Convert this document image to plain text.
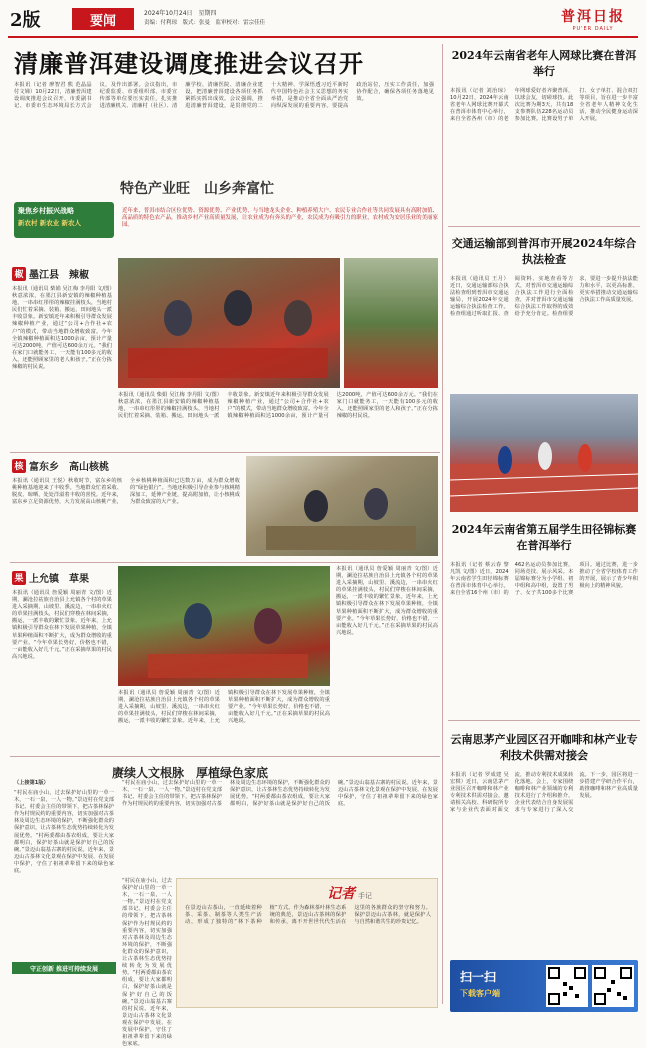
2版	要闻	2024年10月24日　星期四
责编：付利琼　版式：张曼　监审校对：雷宗佳佳	普洱日报
PU'ER DAILY
清廉普洱建设调度推进会议召开
本报讯（记者 廖智君 熊 范晶晶 付文娣）10月22日，清廉普洱建设调度推进会议召开，市委副书记、市委市生态环境局长方式会议，及作出部署。会议指出，市纪委监委、市委组织部、市委宣传部等单位要压实责任，扎实推进清廉机关、清廉村（社区）、清廉学校、清廉医院、清廉企业建设，把清廉普洱建设各项任务抓紧抓实抓出成效。会议强调，推进清廉普洱建设，是贯彻党的二十大精神、学深悟透习近平新时代中国特色社会主义思想的务实举措，是推动全省全面从严治党向纵深发展的重要内容。要提高政治站位，压实工作责任，加强协作配合，确保各项任务落地见效。
特色产业旺　山乡奔富忙
聚焦乡村振兴战略
新农村 新农业 新农人
近年来，普洱市结合区位优势、资源优势、产业优势，与当地龙头企业、种植养殖大户、农民专业合作社等共同发展具有高附加值、高品质的特色农产品，推动乡村产业高质量发展，让农业成为有奔头的产业，农民成为有吸引力的职业，农村成为安居乐业的美丽家园。
椒 墨江县　辣椒
本报讯（通讯员 柴娟 吴江梅 李丹阳 文/图）秋意浓浓，在墨江县新安镇的辣椒种植基地，一串串红彤彤的辣椒挂满枝头，当地村民们忙着采摘、装箱、搬运，田间地头一派丰收景象。新安镇近年来积极引导群众发展辣椒种植产业，通过“公司+合作社+农户”的模式，带动当地群众增收致富。今年全镇辣椒种植面积达1000余亩，预计产量可达2000吨，产值可达600余万元。“我们在家门口就能务工，一天能有100多元的收入，还能照顾家里的老人和孩子。”正在分拣辣椒的村民说。
本报讯（通讯员 柴娟 吴江梅 李丹阳 文/图）秋意浓浓，在墨江县新安镇的辣椒种植基地，一串串红彤彤的辣椒挂满枝头，当地村民们忙着采摘、装箱、搬运，田间地头一派丰收景象。新安镇近年来积极引导群众发展辣椒种植产业，通过“公司+合作社+农户”的模式，带动当地群众增收致富。今年全镇辣椒种植面积达1000余亩，预计产量可达2000吨，产值可达600余万元。“我们在家门口就能务工，一天能有100多元的收入，还能照顾家里的老人和孩子。”正在分拣辣椒的村民说。
核 富东乡　高山核桃
本报讯（通讯员 王悦）秋收时节，富东乡的核桃种植基地迎来了丰收季。当地群众忙着采收、脱皮、晾晒，处处洋溢着丰收的喜悦。近年来，富东乡立足资源优势，大力发展高山核桃产业，全乡核桃种植面积已达数万亩，成为群众增收的“绿色银行”。当地还积极引导企业参与核桃精深加工，延伸产业链，提高附加值，让小核桃成为群众致富的大产业。
果 上允镇　草果
本报讯（通讯员 詹爱颖 周丽青 文/图）近期，澜沧拉祜族自治县上允镇各个村的草果进入采摘期，山坡里、溪流边，一串串火红的草果挂满枝头，村民们穿梭在林间采摘，搬运，一派丰收的繁忙景象。近年来，上允镇积极引导群众在林下发展草果种植，全镇草果种植面积不断扩大，成为群众增收的重要产业。“今年草果长势好，价格也不错，一亩能收入好几千元。”正在采摘草果的村民高兴地说。
本报讯（通讯员 詹爱颖 周丽青 文/图）近期，澜沧拉祜族自治县上允镇各个村的草果进入采摘期，山坡里、溪流边，一串串火红的草果挂满枝头，村民们穿梭在林间采摘，搬运，一派丰收的繁忙景象。近年来，上允镇积极引导群众在林下发展草果种植，全镇草果种植面积不断扩大，成为群众增收的重要产业。“今年草果长势好，价格也不错，一亩能收入好几千元。”正在采摘草果的村民高兴地说。
本报讯（通讯员 詹爱颖 周丽青 文/图）近期，澜沧拉祜族自治县上允镇各个村的草果进入采摘期，山坡里、溪流边，一串串火红的草果挂满枝头，村民们穿梭在林间采摘，搬运，一派丰收的繁忙景象。近年来，上允镇积极引导群众在林下发展草果种植，全镇草果种植面积不断扩大，成为群众增收的重要产业。“今年草果长势好，价格也不错，一亩能收入好几千元。”正在采摘草果的村民高兴地说。
赓续人文根脉　厚植绿色家底
（上接第1版）
“村民在庙小山，过去保护好山里的一草一木，一石一泉，一人一物。”景迈村在党支部书记、村委会主任的带领下，把古茶林保护作为村规民约的重要内容，切实加强对古茶林及周边生态环境的保护，不断强化群众的保护意识，让古茶林生态优势持续转化为发展优势。“村两委都由茶农组成，要让大家都明白，保护好茶山就是保护好自己的饭碗。”景迈山翁基古寨的村民说。近年来，景迈山古茶林文化景观在保护中发展、在发展中保护，守住了祖祖辈辈留下来的绿色家底。
守正创新 推进可持续发展
“村民在庙小山，过去保护好山里的一草一木，一石一泉，一人一物。”景迈村在党支部书记、村委会主任的带领下，把古茶林保护作为村规民约的重要内容，切实加强对古茶林及周边生态环境的保护，不断强化群众的保护意识，让古茶林生态优势持续转化为发展优势。“村两委都由茶农组成，要让大家都明白，保护好茶山就是保护好自己的饭碗。”景迈山翁基古寨的村民说。近年来，景迈山古茶林文化景观在保护中发展、在发展中保护，守住了祖祖辈辈留下来的绿色家底。
记者 手记
在景迈山古茶山，一直延续着种茶、采茶、制茶等人类生产活动，形成了独特的“林下茶种植”方式。作为森林茶叶林生态系统的典范，景迈山古茶林的保护和传承，离不开世世代代生活在这里的各族群众的坚守和努力。保护景迈山古茶林，就是保护人与自然和谐共生的珍贵记忆。
“村民在庙小山，过去保护好山里的一草一木，一石一泉，一人一物。”景迈村在党支部书记、村委会主任的带领下，把古茶林保护作为村规民约的重要内容，切实加强对古茶林及周边生态环境的保护，不断强化群众的保护意识，让古茶林生态优势持续转化为发展优势。“村两委都由茶农组成，要让大家都明白，保护好茶山就是保护好自己的饭碗。”景迈山翁基古寨的村民说。近年来，景迈山古茶林文化景观在保护中发展、在发展中保护，守住了祖祖辈辈留下来的绿色家底。
2024年云南省老年人网球比赛在普洱举行
本报讯（记者 刘治琼）10月22日，2024年云南省老年人网球比赛开幕式在普洱市体育中心举行，来自全省各州（市）的老年网球爱好者齐聚普洱，以球会友，切磋球技。此次比赛为期3天，共有18支参赛队伍228名运动员参加比赛。比赛设男子单打、女子单打、混合双打等项目，旨在进一步丰富全省老年人精神文化生活，推动全民健身运动深入开展。
交通运输部到普洱市开展2024年综合执法检查
本报讯（通讯员 王月）近日，交通运输部综合执法检查组到普洱市交通运输局，开展2024年交通运输综合执法检查工作。检查组通过听取汇报、查阅资料、实地查看等方式，对普洱市交通运输综合执法工作进行全面检查，并对普洱市交通运输综合执法工作取得的成效给予充分肯定。检查组要求，要进一步提升执法能力和水平，以更高标准、更实举措推动交通运输综合执法工作高质量发展。
2024年云南省第五届学生田径锦标赛在普洱举行
本报讯（记者 蔡云春 黎凡凯 文/图）近日，2024年云南省学生田径锦标赛在普洱市体育中心举行。来自全省16个州（市）的462名运动员参加比赛，同场竞技、展示风采。本届锦标赛分为小学组、初中组和高中组，设置了男子、女子共100多个比赛项目。通过比赛，进一步推动了全省学校体育工作的开展，展示了青少年积极向上的精神风貌。
云南思茅产业园区召开咖啡和林产业专利技术供需对接会
本报讯（记者 罗成建 吴宏棋）近日，云南思茅产业园区召开咖啡和林产业专利技术供需对接会，邀请相关高校、科研院所专家与企业代表面对面交流，推动专利技术成果转化落地。会上，专家围绕咖啡和林产业领域的专利技术进行了介绍和推介，企业代表结合自身发展需求与专家进行了深入交流。下一步，园区将进一步搭建产学研合作平台，助推咖啡和林产业高质量发展。
扫一扫
下载客户端
